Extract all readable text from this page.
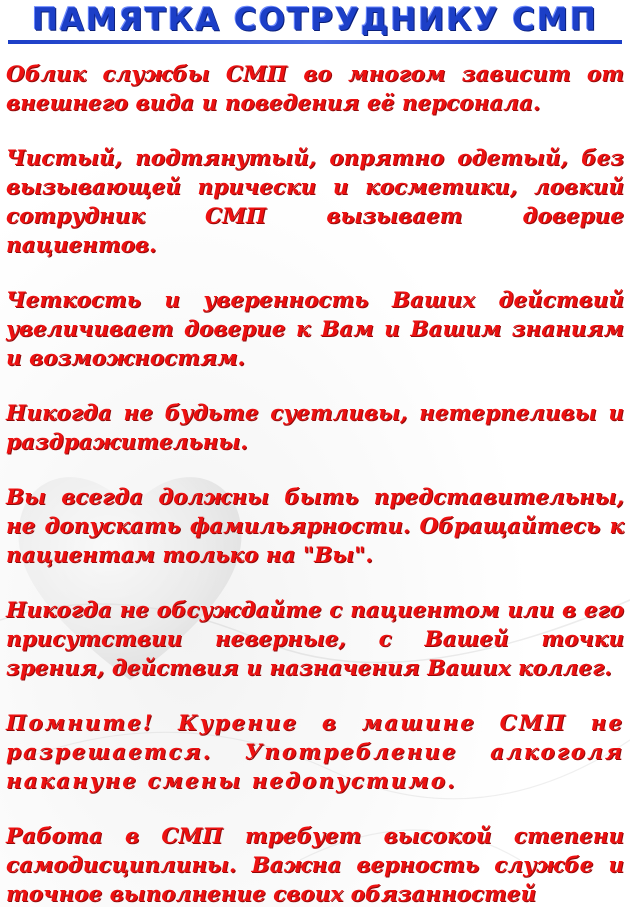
ПАМЯТКА СОТРУДНИКУ СМП

Облик службы СМП во многом зависит от внешнего вида и поведения её персонала.

Чистый, подтянутый, опрятно одетый, без вызывающей прически и косметики, ловкий сотрудник СМП вызывает доверие пациентов.

Четкость и уверенность Ваших действий увеличивает доверие к Вам и Вашим знаниям и возможностям.

Никогда не будьте суетливы, нетерпеливы и раздражительны.

Вы всегда должны быть представительны, не допускать фамильярности. Обращайтесь к пациентам только на "Вы".

Никогда не обсуждайте с пациентом или в его присутствии неверные, с Вашей точки зрения, действия и назначения Ваших коллег.

Помните! Курение в машине СМП не разрешается. Употребление алкоголя накануне смены недопустимо.

Работа в СМП требует высокой степени самодисциплины. Важна верность службе и точное выполнение своих обязанностей
